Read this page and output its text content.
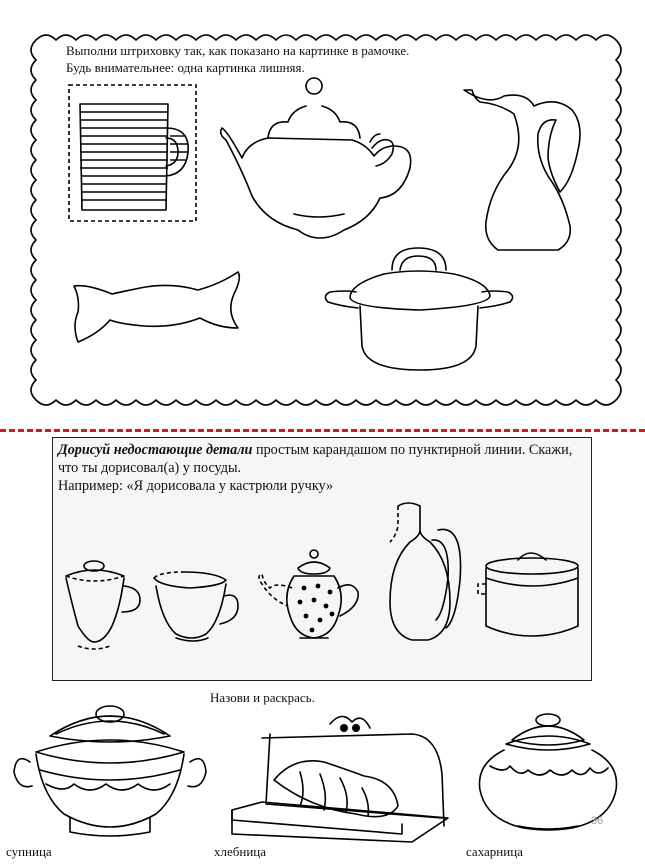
Выполни штриховку так, как показано на картинке в рамочке.
Будь внимательнее: одна картинка лишняя.
Дорисуй недостающие детали простым карандашом по пунктирной линии. Скажи, что ты дорисовал(а) у посуды.
Например: «Я дорисовала у кастрюли ручку»
Назови и раскрась.
супница	хлебница	сахарница
36
